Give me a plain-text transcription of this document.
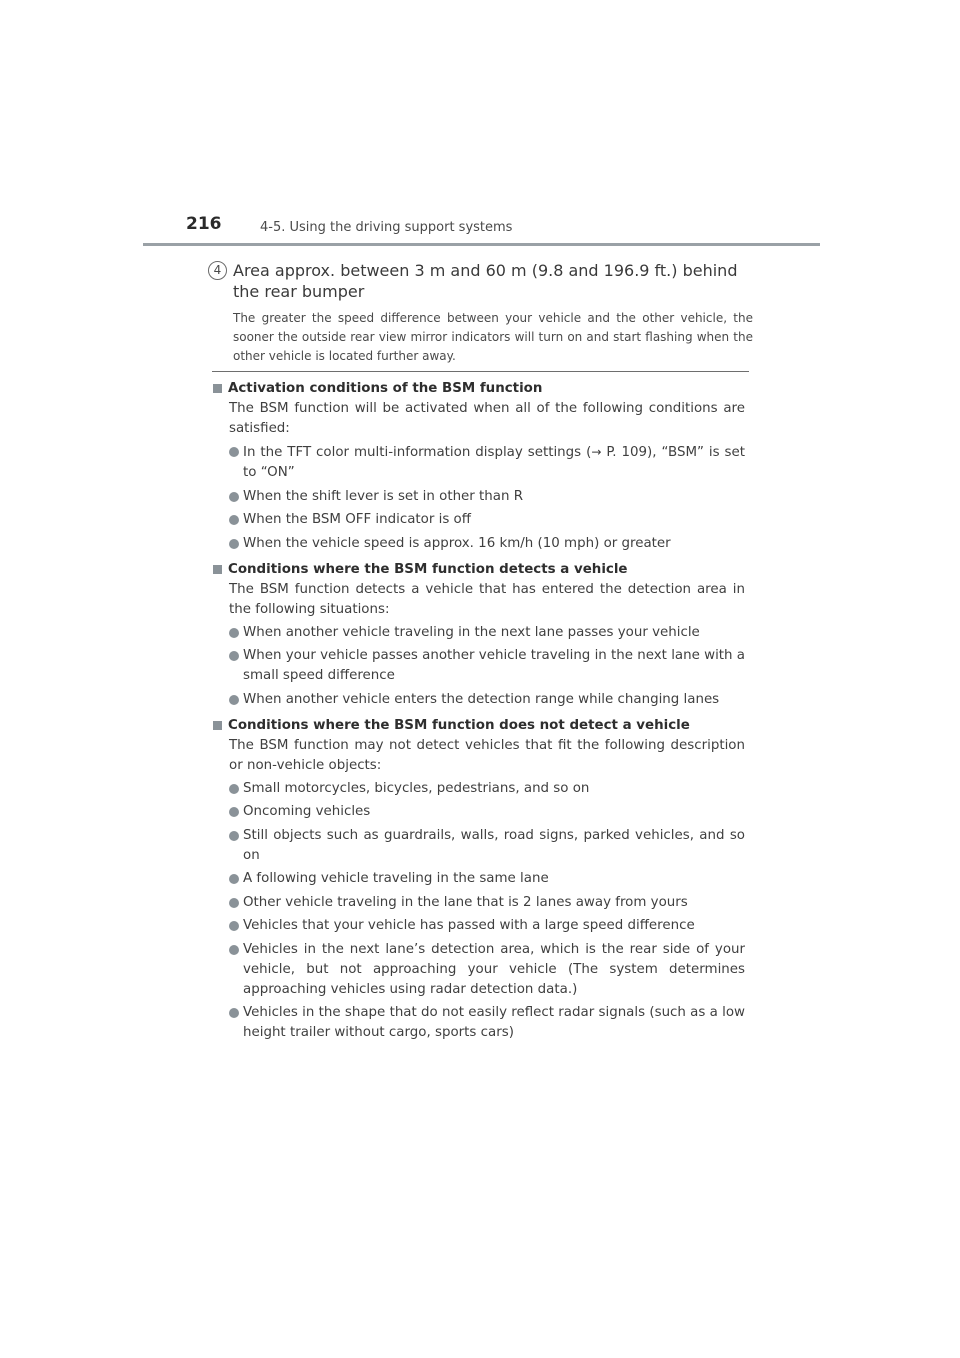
216	4-5. Using the driving support systems
4 Area approx. between 3 m and 60 m (9.8 and 196.9 ft.) behind the rear bumper
The greater the speed difference between your vehicle and the other vehicle, the sooner the outside rear view mirror indicators will turn on and start flashing when the other vehicle is located further away.
Activation conditions of the BSM function
The BSM function will be activated when all of the following conditions are satisfied:
In the TFT color multi-information display settings (→ P. 109), “BSM” is set to “ON”
When the shift lever is set in other than R
When the BSM OFF indicator is off
When the vehicle speed is approx. 16 km/h (10 mph) or greater
Conditions where the BSM function detects a vehicle
The BSM function detects a vehicle that has entered the detection area in the following situations:
When another vehicle traveling in the next lane passes your vehicle
When your vehicle passes another vehicle traveling in the next lane with a small speed difference
When another vehicle enters the detection range while changing lanes
Conditions where the BSM function does not detect a vehicle
The BSM function may not detect vehicles that fit the following description or non-vehicle objects:
Small motorcycles, bicycles, pedestrians, and so on
Oncoming vehicles
Still objects such as guardrails, walls, road signs, parked vehicles, and so on
A following vehicle traveling in the same lane
Other vehicle traveling in the lane that is 2 lanes away from yours
Vehicles that your vehicle has passed with a large speed difference
Vehicles in the next lane’s detection area, which is the rear side of your vehicle, but not approaching your vehicle (The system determines approaching vehicles using radar detection data.)
Vehicles in the shape that do not easily reflect radar signals (such as a low height trailer without cargo, sports cars)
